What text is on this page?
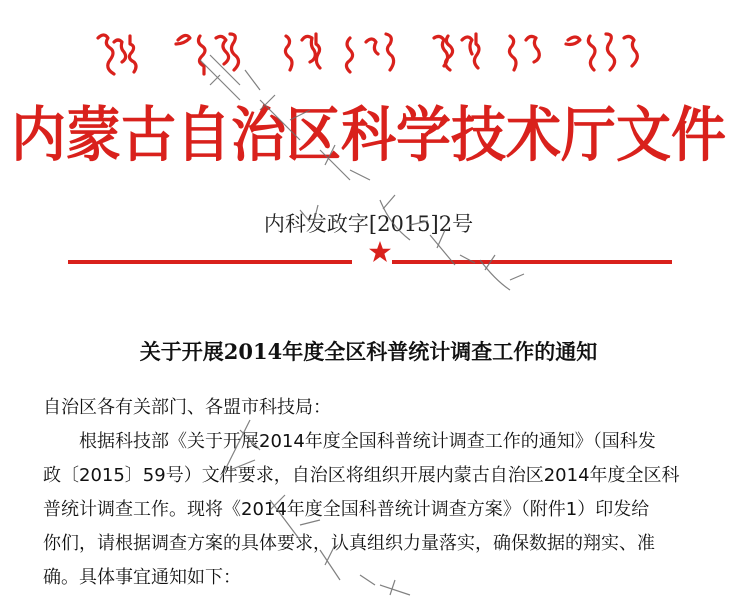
内蒙古自治区科学技术厅文件
内科发政字[2015]2号
关于开展2014年度全区科普统计调查工作的通知

自治区各有关部门、各盟市科技局：

根据科技部《关于开展2014年度全国科普统计调查工作的通知》（国科发

政〔2015〕59号）文件要求，自治区将组织开展内蒙古自治区2014年度全区科

普统计调查工作。现将《2014年度全国科普统计调查方案》（附件1）印发给

你们，请根据调查方案的具体要求，认真组织力量落实，确保数据的翔实、准

确。具体事宜通知如下：
